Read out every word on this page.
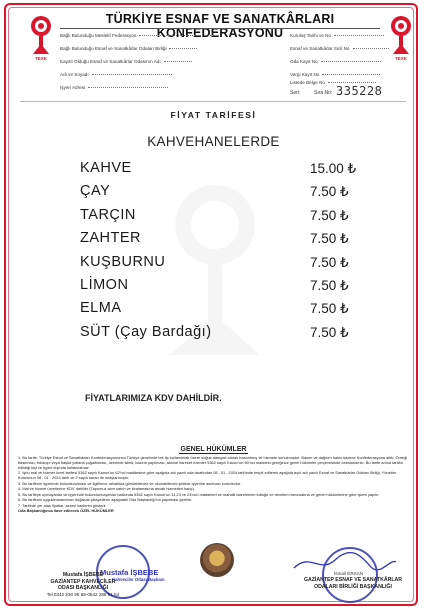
TESK	TESK
TÜRKİYE ESNAF VE SANATKÂRLARI KONFEDERASYONU
Bağlı Bulunduğu Meslekî Federasyon
Bağlı Bulunduğu Esnaf ve Sanatkârlar Odaları Birliği
Kayıtlı Olduğu Esnaf ve Sanatkârlar Odasının Adı
Adı ve Soyadı
İşyeri Adresi
Kuruluş Tarihi ve No
Esnaf ve Sanatkârlar Sicil No
Oda Kayıt No
Vergi Kayıt No
Listede Belge No
Seri:	Sıra No: 335228
FİYAT TARİFESİ
KAHVEHANELERDE
KAHVE	15.00 ₺
ÇAY	7.50 ₺
TARÇIN	7.50 ₺
ZAHTER	7.50 ₺
KUŞBURNU	7.50 ₺
LİMON	7.50 ₺
ELMA	7.50 ₺
SÜT (Çay Bardağı)	7.50 ₺
FİYATLARIMIZA KDV DAHİLDİR.
GENEL HÜKÜMLER

1. Bu tarife; Türkiye Esnaf ve Sanatkârları Konfederasyonunca Türkiye genelinde tek tip kullanılmak üzere soğuk damgalı olarak bastırılmış ve hizmete sunulmuştur. Basım ve dağıtım hakkı sadece Konfederasyona aittir. Örneği basılması, fotokopi veya başka yollarla çoğaltılması, üzerinde silinti, kazıntı yapılması, aksine hareket edenler 5362 sayılı Kanun'un 60'ncı maddesi gereğince genel hükümler çerçevesinde cezalandırılır. Bu tarife adına tarafın edildiği kişi ve işyeri dışında kullanılamaz.

2. İşbu mal ve hizmet ücret tarifesi 5362 sayılı Kanun'un 62'nci maddesine göre aşağıda adı yazılı oda tarafından 08 . 01 . 2024 tarihinde tespit edilerek aşağıda açık adı yazılı Esnaf ve Sanatkârlar Odaları Birliği, Yönetim Kurulunun 08 . 01 . 2024 tarih ve 2 sayılı kararı ile onaylanmıştır.

3. Bu tarifenin işyerinde bulundurulması ve ilgililerce rahatlıkla görülebilecek ve okunabilecek şekilde işyerine asılması zorunludur.

4. Mal ve hizmet ücretlerine KDV dahildir (Tapumuz alım satım ve kiralamasına ancak hizmetleri hariç).

5. Bu tarifeye uymayanlar ve işyerinde bulundurmayanlar hakkında 5362 sayılı Kanun'un 11,23 ve 24'ncü maddeleri ve mahalli idarelerinin tuttuğu ve denetim mevzuatına ve genel hükümlerine göre işlem yapılır.

6. Bu tarifenin uygulanmasından doğacak şikayetlerin aşağıdaki Oda Başkanlığı'na yapılması gerekir.

7. Tarifede yer alan fiyatlar, azami hadlerini gösterir.

Oda Başkanlığınca ilave edilecek ÖZEL HÜKÜMLER

Mustafa İŞBEBE
Kahveciler Odası Başkanı
İsmail ERSAN
Mustafa İŞBEBE
GAZİANTEP KAHVECİLER
ODASI BAŞKANLIĞI
Tel:0342 230 95 69-0542 285 81 54
GAZİANTEP ESNAF VE SANATKÂRLAR
ODALARI BİRLİĞİ BAŞKANLIĞI
